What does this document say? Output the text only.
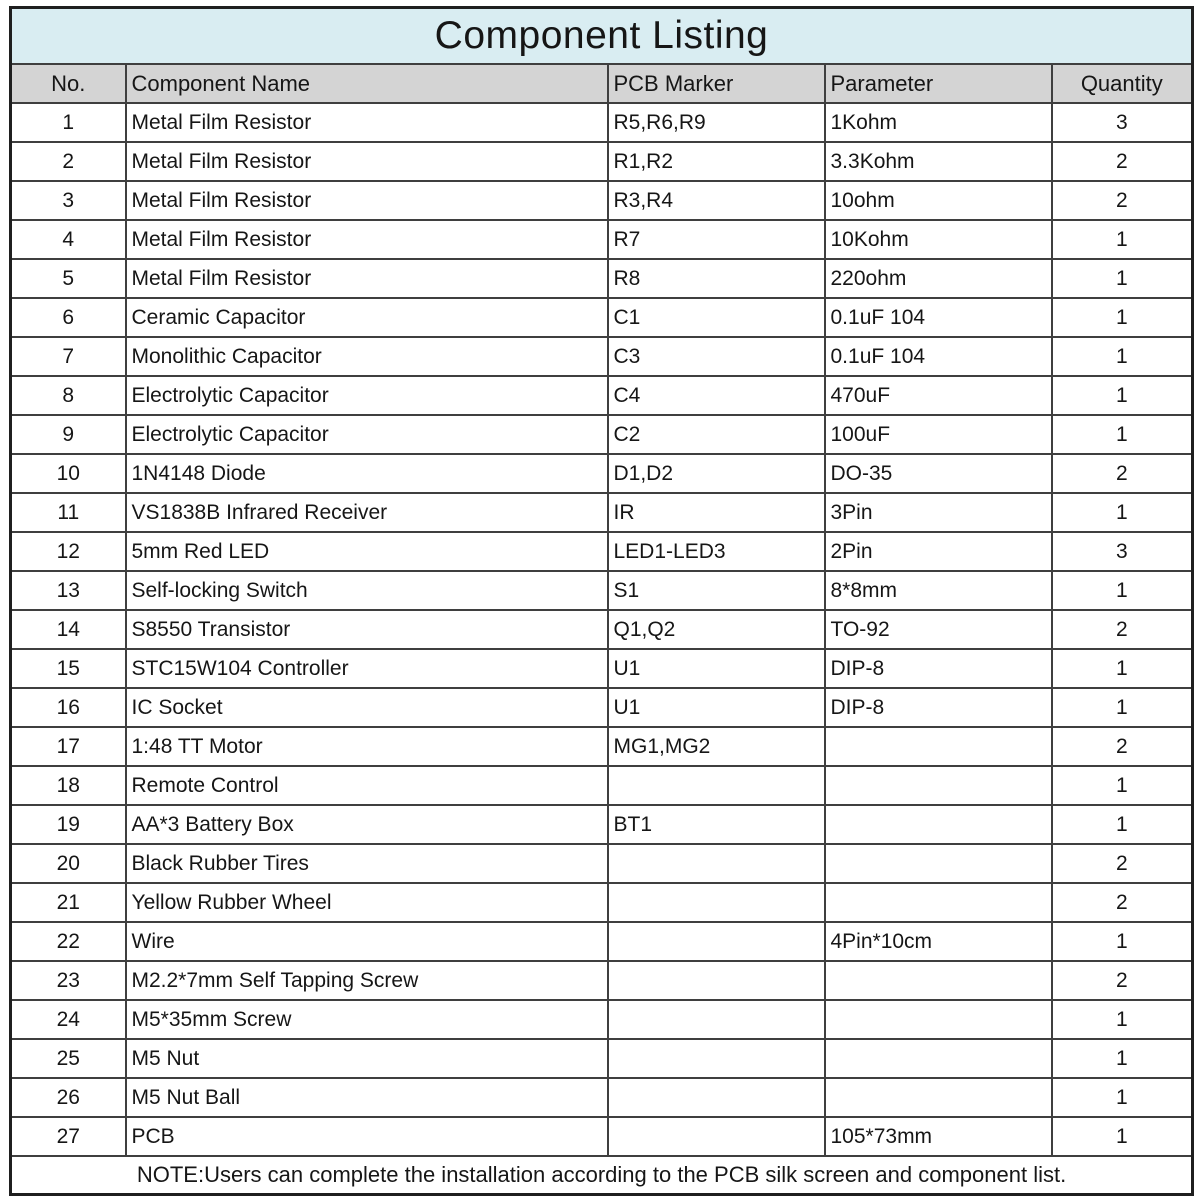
Component Listing				
No.	Component Name	PCB Marker	Parameter	Quantity
1	Metal Film Resistor	R5,R6,R9	1Kohm	3
2	Metal Film Resistor	R1,R2	3.3Kohm	2
3	Metal Film Resistor	R3,R4	10ohm	2
4	Metal Film Resistor	R7	10Kohm	1
5	Metal Film Resistor	R8	220ohm	1
6	Ceramic Capacitor	C1	0.1uF 104	1
7	Monolithic Capacitor	C3	0.1uF 104	1
8	Electrolytic Capacitor	C4	470uF	1
9	Electrolytic Capacitor	C2	100uF	1
10	1N4148 Diode	D1,D2	DO-35	2
11	VS1838B Infrared Receiver	IR	3Pin	1
12	5mm Red LED	LED1-LED3	2Pin	3
13	Self-locking Switch	S1	8*8mm	1
14	S8550 Transistor	Q1,Q2	TO-92	2
15	STC15W104 Controller	U1	DIP-8	1
16	IC Socket	U1	DIP-8	1
17	1:48 TT Motor	MG1,MG2		2
18	Remote Control			1
19	AA*3 Battery Box	BT1		1
20	Black Rubber Tires			2
21	Yellow Rubber Wheel			2
22	Wire		4Pin*10cm	1
23	M2.2*7mm Self Tapping Screw			2
24	M5*35mm Screw			1
25	M5 Nut			1
26	M5 Nut Ball			1
27	PCB		105*73mm	1
NOTE:Users can complete the installation according to the PCB silk screen and component list.				
